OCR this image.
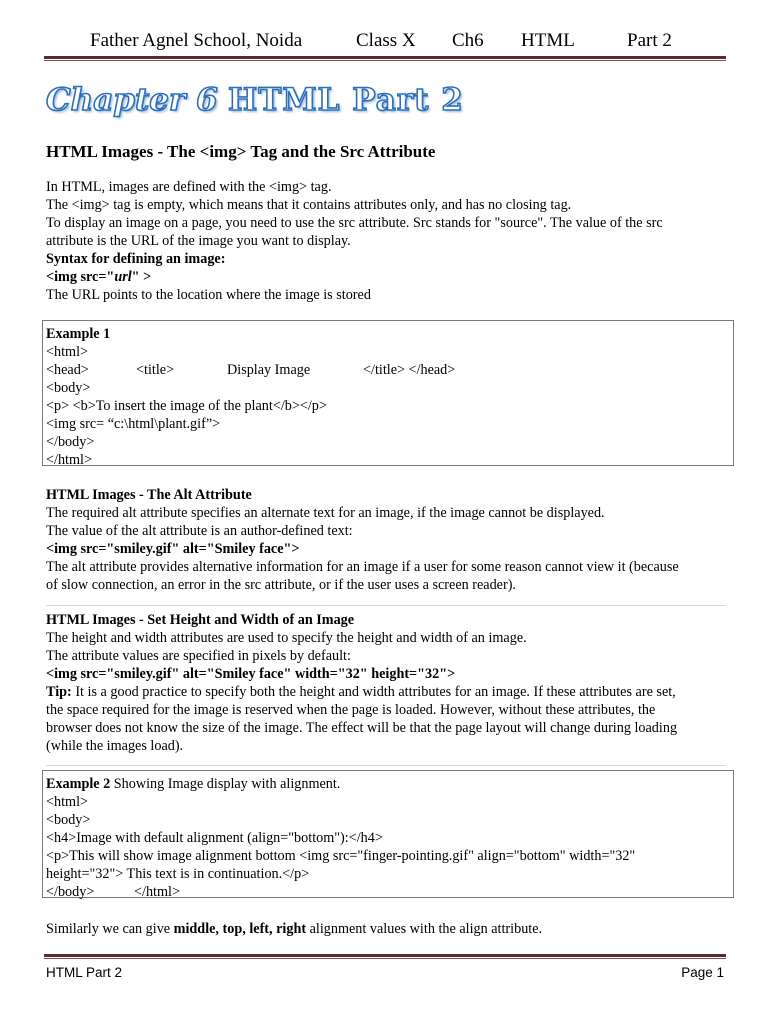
Father Agnel School, Noida	Class X Ch6 HTML	Part 2
Chapter 6 HTML Part 2
HTML Images - The <img> Tag and the Src Attribute
In HTML, images are defined with the <img> tag.
The <img> tag is empty, which means that it contains attributes only, and has no closing tag.
To display an image on a page, you need to use the src attribute. Src stands for "source". The value of the src
attribute is the URL of the image you want to display.
Syntax for defining an image:
<img src="url" >
The URL points to the location where the image is stored
Example 1
<html>
<head>	<title>	Display Image	</title> </head>
<body>
<p> <b>To insert the image of the plant</b></p>
<img src= “c:\html\plant.gif”>
</body>
</html>
HTML Images - The Alt Attribute
The required alt attribute specifies an alternate text for an image, if the image cannot be displayed.
The value of the alt attribute is an author-defined text:
<img src="smiley.gif" alt="Smiley face">
The alt attribute provides alternative information for an image if a user for some reason cannot view it (because
of slow connection, an error in the src attribute, or if the user uses a screen reader).
HTML Images - Set Height and Width of an Image
The height and width attributes are used to specify the height and width of an image.
The attribute values are specified in pixels by default:
<img src="smiley.gif" alt="Smiley face" width="32" height="32">
Tip: It is a good practice to specify both the height and width attributes for an image. If these attributes are set,
the space required for the image is reserved when the page is loaded. However, without these attributes, the
browser does not know the size of the image. The effect will be that the page layout will change during loading
(while the images load).
Example 2 Showing Image display with alignment.
<html>
<body>
<h4>Image with default alignment (align="bottom"):</h4>
<p>This will show image alignment bottom <img src="finger-pointing.gif" align="bottom" width="32"
height="32"> This text is in continuation.</p>
</body>	</html>
Similarly we can give middle, top, left, right alignment values with the align attribute.
HTML Part 2	Page 1
